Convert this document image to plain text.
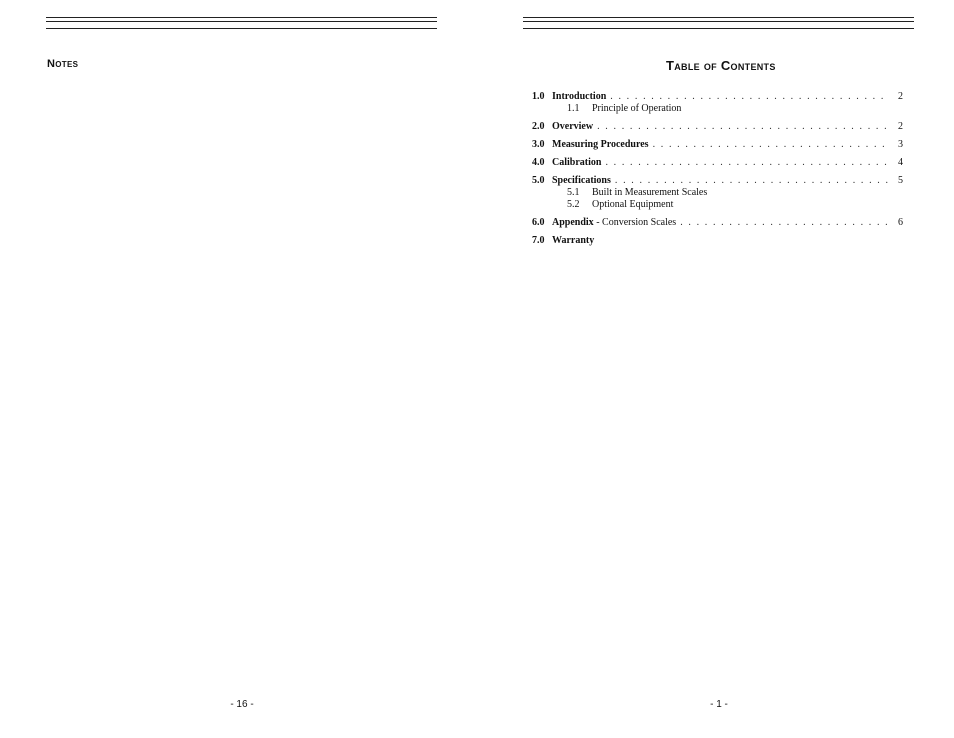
Notes
- 16 -
Table of Contents
1.0 Introduction . . .	2
1.1	Principle of Operation
2.0 Overview . . .	2
3.0 Measuring Procedures . . .	3
4.0 Calibration . . .	4
5.0 Specifications . . .	5
5.1	Built in Measurement Scales
5.2	Optional Equipment
6.0 Appendix - Conversion Scales . . .	6
7.0 Warranty
- 1 -
